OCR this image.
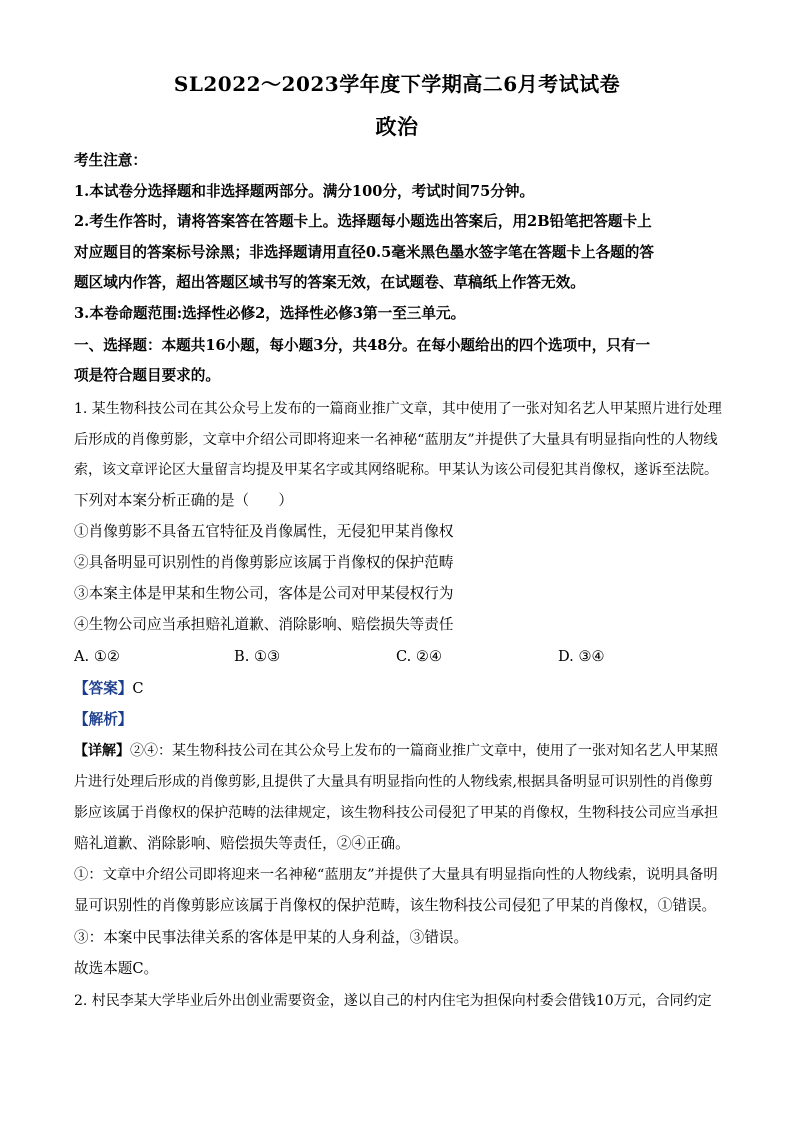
SL2022～2023学年度下学期高二6月考试试卷
政治
考生注意：
1.本试卷分选择题和非选择题两部分。满分100分，考试时间75分钟。
2.考生作答时，请将答案答在答题卡上。选择题每小题选出答案后，用2B铅笔把答题卡上
对应题目的答案标号涂黑；非选择题请用直径0.5毫米黑色墨水签字笔在答题卡上各题的答
题区域内作答，超出答题区域书写的答案无效，在试题卷、草稿纸上作答无效。
3.本卷命题范围:选择性必修2，选择性必修3第一至三单元。
一、选择题：本题共16小题，每小题3分，共48分。在每小题给出的四个选项中，只有一
项是符合题目要求的。
1. 某生物科技公司在其公众号上发布的一篇商业推广文章，其中使用了一张对知名艺人甲某照片进行处理
后形成的肖像剪影，文章中介绍公司即将迎来一名神秘“蓝朋友”并提供了大量具有明显指向性的人物线
索，该文章评论区大量留言均提及甲某名字或其网络昵称。甲某认为该公司侵犯其肖像权，遂诉至法院。
下列对本案分析正确的是（　　）
①肖像剪影不具备五官特征及肖像属性，无侵犯甲某肖像权
②具备明显可识别性的肖像剪影应该属于肖像权的保护范畴
③本案主体是甲某和生物公司，客体是公司对甲某侵权行为
④生物公司应当承担赔礼道歉、消除影响、赔偿损失等责任
A. ①②	B. ①③	C. ②④	D. ③④
【答案】C
【解析】
【详解】②④：某生物科技公司在其公众号上发布的一篇商业推广文章中，使用了一张对知名艺人甲某照
片进行处理后形成的肖像剪影,且提供了大量具有明显指向性的人物线索,根据具备明显可识别性的肖像剪
影应该属于肖像权的保护范畴的法律规定，该生物科技公司侵犯了甲某的肖像权，生物科技公司应当承担
赔礼道歉、消除影响、赔偿损失等责任，②④正确。
①：文章中介绍公司即将迎来一名神秘“蓝朋友”并提供了大量具有明显指向性的人物线索，说明具备明
显可识别性的肖像剪影应该属于肖像权的保护范畴，该生物科技公司侵犯了甲某的肖像权，①错误。
③：本案中民事法律关系的客体是甲某的人身利益，③错误。
故选本题C。
2. 村民李某大学毕业后外出创业需要资金，遂以自己的村内住宅为担保向村委会借钱10万元，合同约定
